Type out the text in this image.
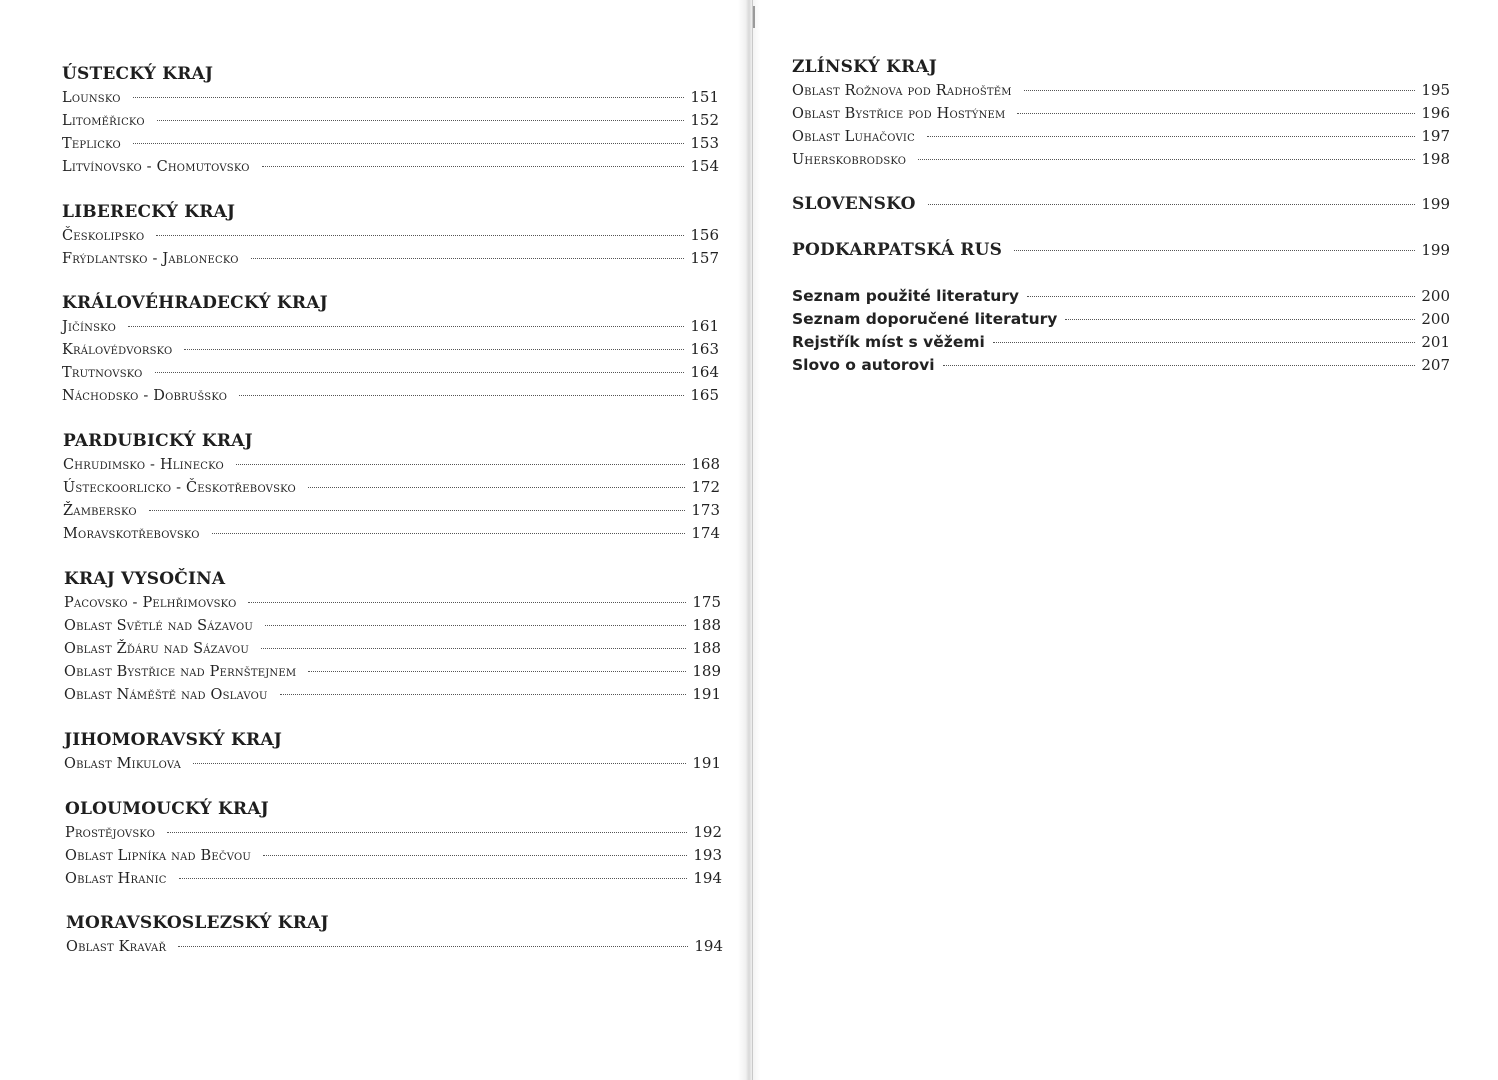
ÚSTECKÝ KRAJ
Lounsko	151
Litoměřicko	152
Teplicko	153
Litvínovsko - Chomutovsko	154
LIBERECKÝ KRAJ
Českolipsko	156
Frýdlantsko - Jablonecko	157
KRÁLOVÉHRADECKÝ KRAJ
Jičínsko	161
Královédvorsko	163
Trutnovsko	164
Náchodsko - Dobrušsko	165
PARDUBICKÝ KRAJ
Chrudimsko - Hlinecko	168
Ústeckoorlicko - Českotřebovsko	172
Žambersko	173
Moravskotřebovsko	174
KRAJ VYSOČINA
Pacovsko - Pelhřimovsko	175
Oblast Světlé nad Sázavou	188
Oblast Žďáru nad Sázavou	188
Oblast Bystřice nad Pernštejnem	189
Oblast Náměště nad Oslavou	191
JIHOMORAVSKÝ KRAJ
Oblast Mikulova	191
OLOUMOUCKÝ KRAJ
Prostějovsko	192
Oblast Lipníka nad Bečvou	193
Oblast Hranic	194
MORAVSKOSLEZSKÝ KRAJ
Oblast Kravař	194
ZLÍNSKÝ KRAJ
Oblast Rožnova pod Radhoštěm	195
Oblast Bystřice pod Hostýnem	196
Oblast Luhačovic	197
Uherskobrodsko	198
SLOVENSKO	199
PODKARPATSKÁ RUS	199
Seznam použité literatury	200
Seznam doporučené literatury	200
Rejstřík míst s věžemi	201
Slovo o autorovi	207
